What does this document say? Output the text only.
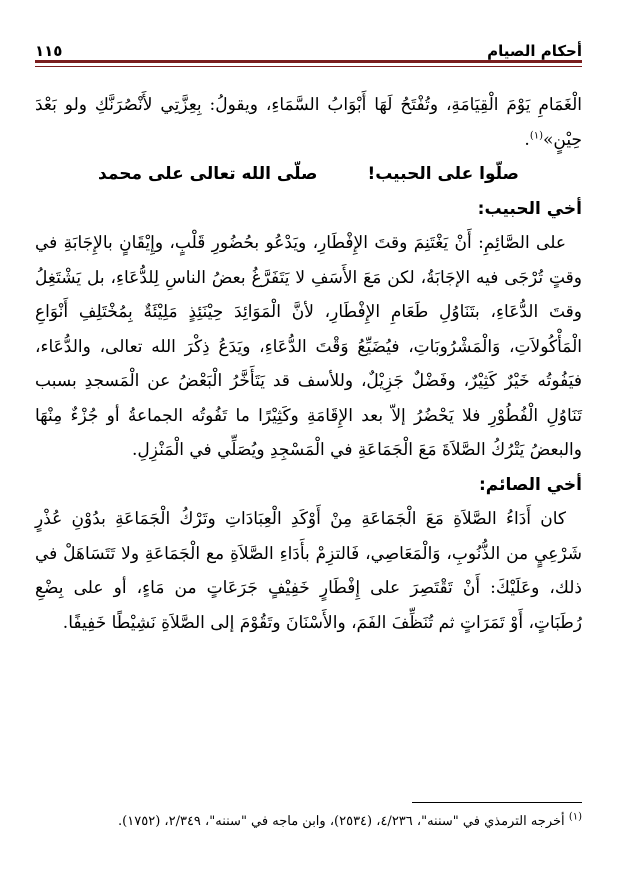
أحكام الصيام
١١٥

الْغَمَامِ يَوْمَ الْقِيَامَةِ، وتُفْتَحُ لَهَا أَبْوَابُ السَّمَاءِ، ويقولُ: بِعِزَّتِي لأَنْصُرَنَّكِ ولو بَعْدَ حِيْنٍ»$^{(١)}$.

صلّوا على الحبيب!
صلّى الله تعالى على محمد

أخي الحبيب:

على الصَّائِمِ: أَنْ يَغْتَنِمَ وقتَ الإِفْطَارِ، ويَدْعُو بحُضُورِ قَلْبٍ، وإِيْقَانٍ بالإِجَابَةِ في وقتٍ تُرْجَى فيه الإجَابَةُ، لكن مَعَ الأَسَفِ لا يَتَفَرَّغُ بعضُ الناسِ لِلدُّعَاءِ، بل يَشْتَغِلُ وقتَ الدُّعَاءِ، بتَنَاوُلِ طَعَامِ الإِفْطَارِ، لأنَّ الْمَوَائِدَ حِيْنَئِذٍ مَلِيْئَةٌ بِمُخْتَلِفِ أَنْوَاعِ الْمَأْكُولاَتِ، وَالْمَشْرُوبَاتِ، فيُضَيِّعُ وَقْتَ الدُّعَاءِ، ويَدَعُ ذِكْرَ الله تعالى، والدُّعَاء، فيَفُوتُه خَيْرٌ كَثِيْرٌ، وفَضْلٌ جَزِيْلٌ، وللأسف قد يَتَأَخَّرُ الْبَعْضُ عن الْمَسجدِ بسبب تَنَاوُلِ الْفُطُوْرِ فلا يَحْضُرُ إلاّ بعد الإِقَامَةِ وكَثِيْرًا ما تَفُوتُه الجماعةُ أو جُزْءٌ مِنْهَا والبعضُ يَتْرُكُ الصَّلاَةَ مَعَ الْجَمَاعَةِ في الْمَسْجِدِ ويُصَلِّي في الْمَنْزِلِ.

أخي الصائم:

كان أَدَاءُ الصَّلاَةِ مَعَ الْجَمَاعَةِ مِنْ أَوْكَدِ الْعِبَادَاتِ وتَرْكُ الْجَمَاعَةِ بدُوْنِ عُذْرٍ شَرْعِيٍ من الذُّنُوبِ، وَالْمَعَاصِي، فَالتزِمْ بأَدَاءِ الصَّلاَةِ مع الْجَمَاعَةِ ولا تَتَسَاهَلْ في ذلك، وعَلَيْكَ: أَنْ تَقْتَصِرَ على إِفْطَارٍ خَفِيْفٍ جَرَعَاتٍ من مَاءٍ، أو على بِضْعِ رُطَبَاتٍ، أَوْ تَمَرَاتٍ ثم تُنَظِّفَ الفَمَ، والأَسْنَانَ وتَقُوْمَ إلى الصَّلاَةِ نَشِيْطًا خَفِيفًا.

$^{(١)}$ أخرجه الترمذي في "سننه"، ٤/٢٣٦، (٢٥٣٤)، وابن ماجه في "سننه"، ٢/٣٤٩، (١٧٥٢).
